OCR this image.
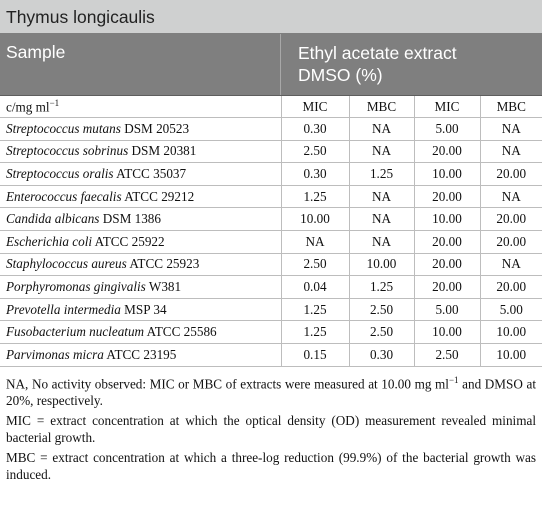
Thymus longicaulis
Sample	Ethyl acetate extract
DMSO (%)
c/mg $ml^{-1}$	MIC	MBC	MIC	MBC
Streptococcus mutans DSM 20523	0.30	NA	5.00	NA
Streptococcus sobrinus DSM 20381	2.50	NA	20.00	NA
Streptococcus oralis ATCC 35037	0.30	1.25	10.00	20.00
Enterococcus faecalis ATCC 29212	1.25	NA	20.00	NA
Candida albicans DSM 1386	10.00	NA	10.00	20.00
Escherichia coli ATCC 25922	NA	NA	20.00	20.00
Staphylococcus aureus ATCC 25923	2.50	10.00	20.00	NA
Porphyromonas gingivalis W381	0.04	1.25	20.00	20.00
Prevotella intermedia MSP 34	1.25	2.50	5.00	5.00
Fusobacterium nucleatum ATCC 25586	1.25	2.50	10.00	10.00
Parvimonas micra ATCC 23195	0.15	0.30	2.50	10.00

NA, No activity observed: MIC or MBC of extracts were measured at 10.00 mg $ml^{-1}$ and DMSO at 20%, respectively.

MIC = extract concentration at which the optical density (OD) measurement revealed minimal bacterial growth.

MBC = extract concentration at which a three-log reduction (99.9%) of the bacterial growth was induced.
